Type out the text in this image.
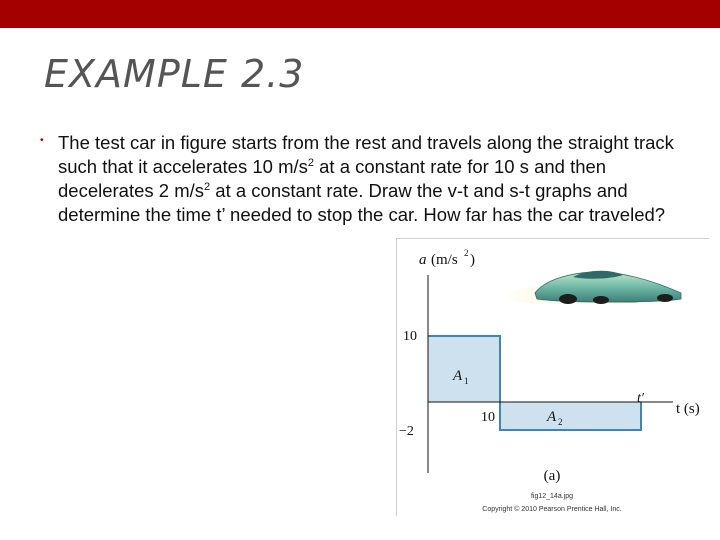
EXAMPLE 2.3
• The test car in figure starts from the rest and travels along the straight track such that it accelerates 10 $m/s^2$ at a constant rate for 10 s and then decelerates 2 $m/s^2$ at a constant rate. Draw the v-t and s-t graphs and determine the time t’ needed to stop the car. How far has the car traveled?
a (m/s 2 )
10
−2
10
A 1
A 2
t′
t (s)
(a)
fig12_14a.jpg
Copyright © 2010 Pearson Prentice Hall, Inc.
